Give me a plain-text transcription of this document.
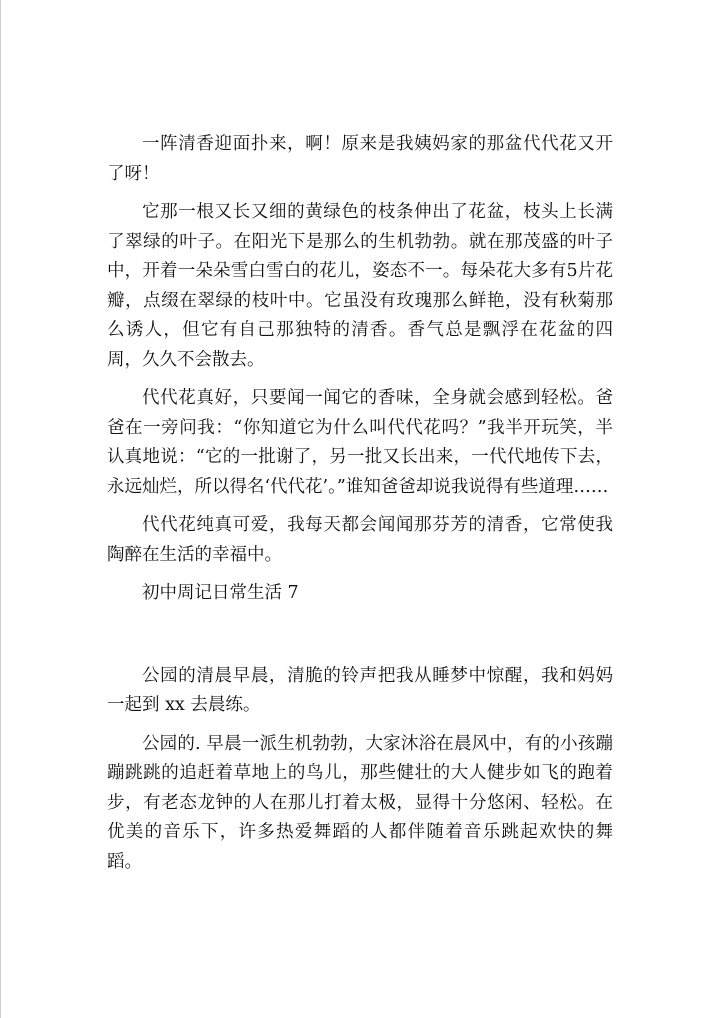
一阵清香迎面扑来，啊！原来是我姨妈家的那盆代代花又开了呀！

它那一根又长又细的黄绿色的枝条伸出了花盆，枝头上长满了翠绿的叶子。在阳光下是那么的生机勃勃。就在那茂盛的叶子中，开着一朵朵雪白雪白的花儿，姿态不一。每朵花大多有5片花瓣，点缀在翠绿的枝叶中。它虽没有玫瑰那么鲜艳，没有秋菊那么诱人，但它有自己那独特的清香。香气总是飘浮在花盆的四周，久久不会散去。

代代花真好，只要闻一闻它的香味，全身就会感到轻松。爸爸在一旁问我：“你知道它为什么叫代代花吗？”我半开玩笑，半认真地说：“它的一批谢了，另一批又长出来，一代代地传下去，永远灿烂，所以得名‘代代花’。”谁知爸爸却说我说得有些道理……

代代花纯真可爱，我每天都会闻闻那芬芳的清香，它常使我陶醉在生活的幸福中。

初中周记日常生活 7

公园的清晨早晨，清脆的铃声把我从睡梦中惊醒，我和妈妈一起到 xx 去晨练。

公园的. 早晨一派生机勃勃，大家沐浴在晨风中，有的小孩蹦蹦跳跳的追赶着草地上的鸟儿，那些健壮的大人健步如飞的跑着步，有老态龙钟的人在那儿打着太极，显得十分悠闲、轻松。在优美的音乐下，许多热爱舞蹈的人都伴随着音乐跳起欢快的舞蹈。
